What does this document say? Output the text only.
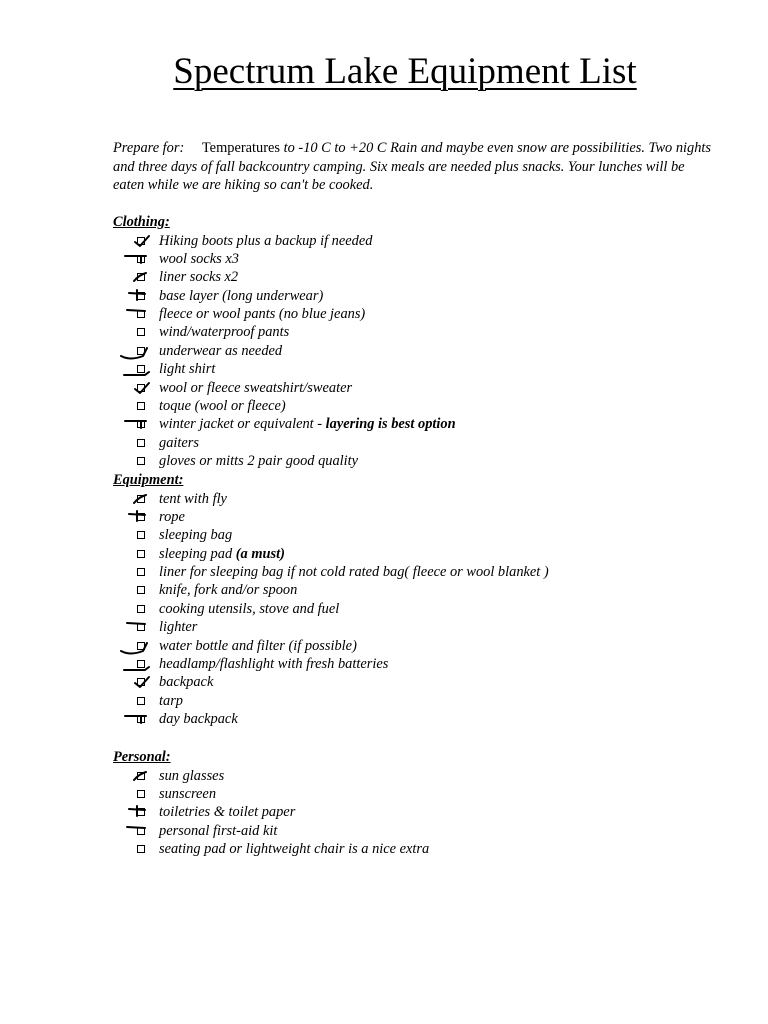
Spectrum Lake Equipment List

Prepare for: Temperatures to -10 C to +20 C Rain and maybe even snow are possibilities. Two nights and three days of fall backcountry camping. Six meals are needed plus snacks. Your lunches will be eaten while we are hiking so can't be cooked.

Clothing:
Hiking boots plus a backup if needed
wool socks x3
liner socks x2
base layer (long underwear)
fleece or wool pants (no blue jeans)
wind/waterproof pants
underwear as needed
light shirt
wool or fleece sweatshirt/sweater
toque (wool or fleece)
winter jacket or equivalent - layering is best option
gaiters
gloves or mitts 2 pair good quality
Equipment:
tent with fly
rope
sleeping bag
sleeping pad (a must)
liner for sleeping bag if not cold rated bag( fleece or wool blanket )
knife, fork and/or spoon
cooking utensils, stove and fuel
lighter
water bottle and filter (if possible)
headlamp/flashlight with fresh batteries
backpack
tarp
day backpack
Personal:
sun glasses
sunscreen
toiletries & toilet paper
personal first-aid kit
seating pad or lightweight chair is a nice extra
